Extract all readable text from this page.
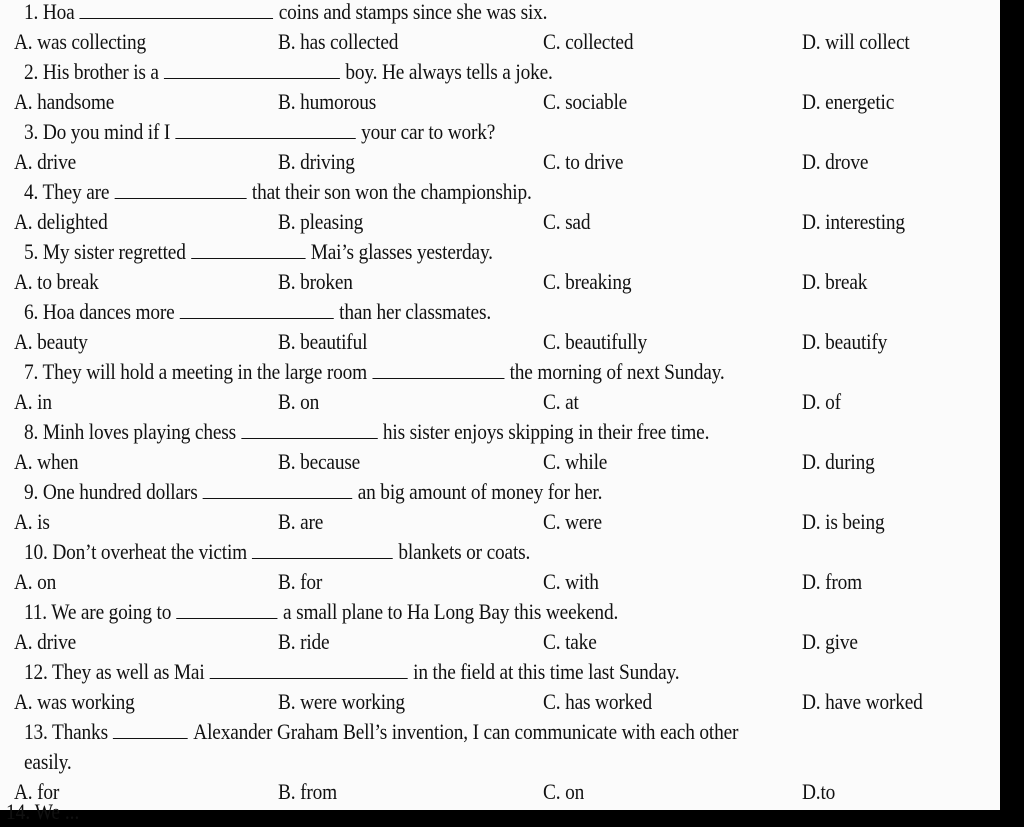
1. Hoa	coins and stamps since she was six.
A. was collecting	B. has collected	C. collected	D. will collect
2. His brother is a	boy. He always tells a joke.
A. handsome	B. humorous	C. sociable	D. energetic
3. Do you mind if I	your car to work?
A. drive	B. driving	C. to drive	D. drove
4. They are	that their son won the championship.
A. delighted	B. pleasing	C. sad	D. interesting
5. My sister regretted	Mai’s glasses yesterday.
A. to break	B. broken	C. breaking	D. break
6. Hoa dances more	than her classmates.
A. beauty	B. beautiful	C. beautifully	D. beautify
7. They will hold a meeting in the large room	the morning of next Sunday.
A. in	B. on	C. at	D. of
8. Minh loves playing chess	his sister enjoys skipping in their free time.
A. when	B. because	C. while	D. during
9. One hundred dollars	an big amount of money for her.
A. is	B. are	C. were	D. is being
10. Don’t overheat the victim	blankets or coats.
A. on	B. for	C. with	D. from
11. We are going to	a small plane to Ha Long Bay this weekend.
A. drive	B. ride	C. take	D. give
12. They as well as Mai	in the field at this time last Sunday.
A. was working	B. were working	C. has worked	D. have worked
13. Thanks	Alexander Graham Bell’s invention, I can communicate with each other
easily.
A. for	B. from	C. on	D.to
14. We ...
